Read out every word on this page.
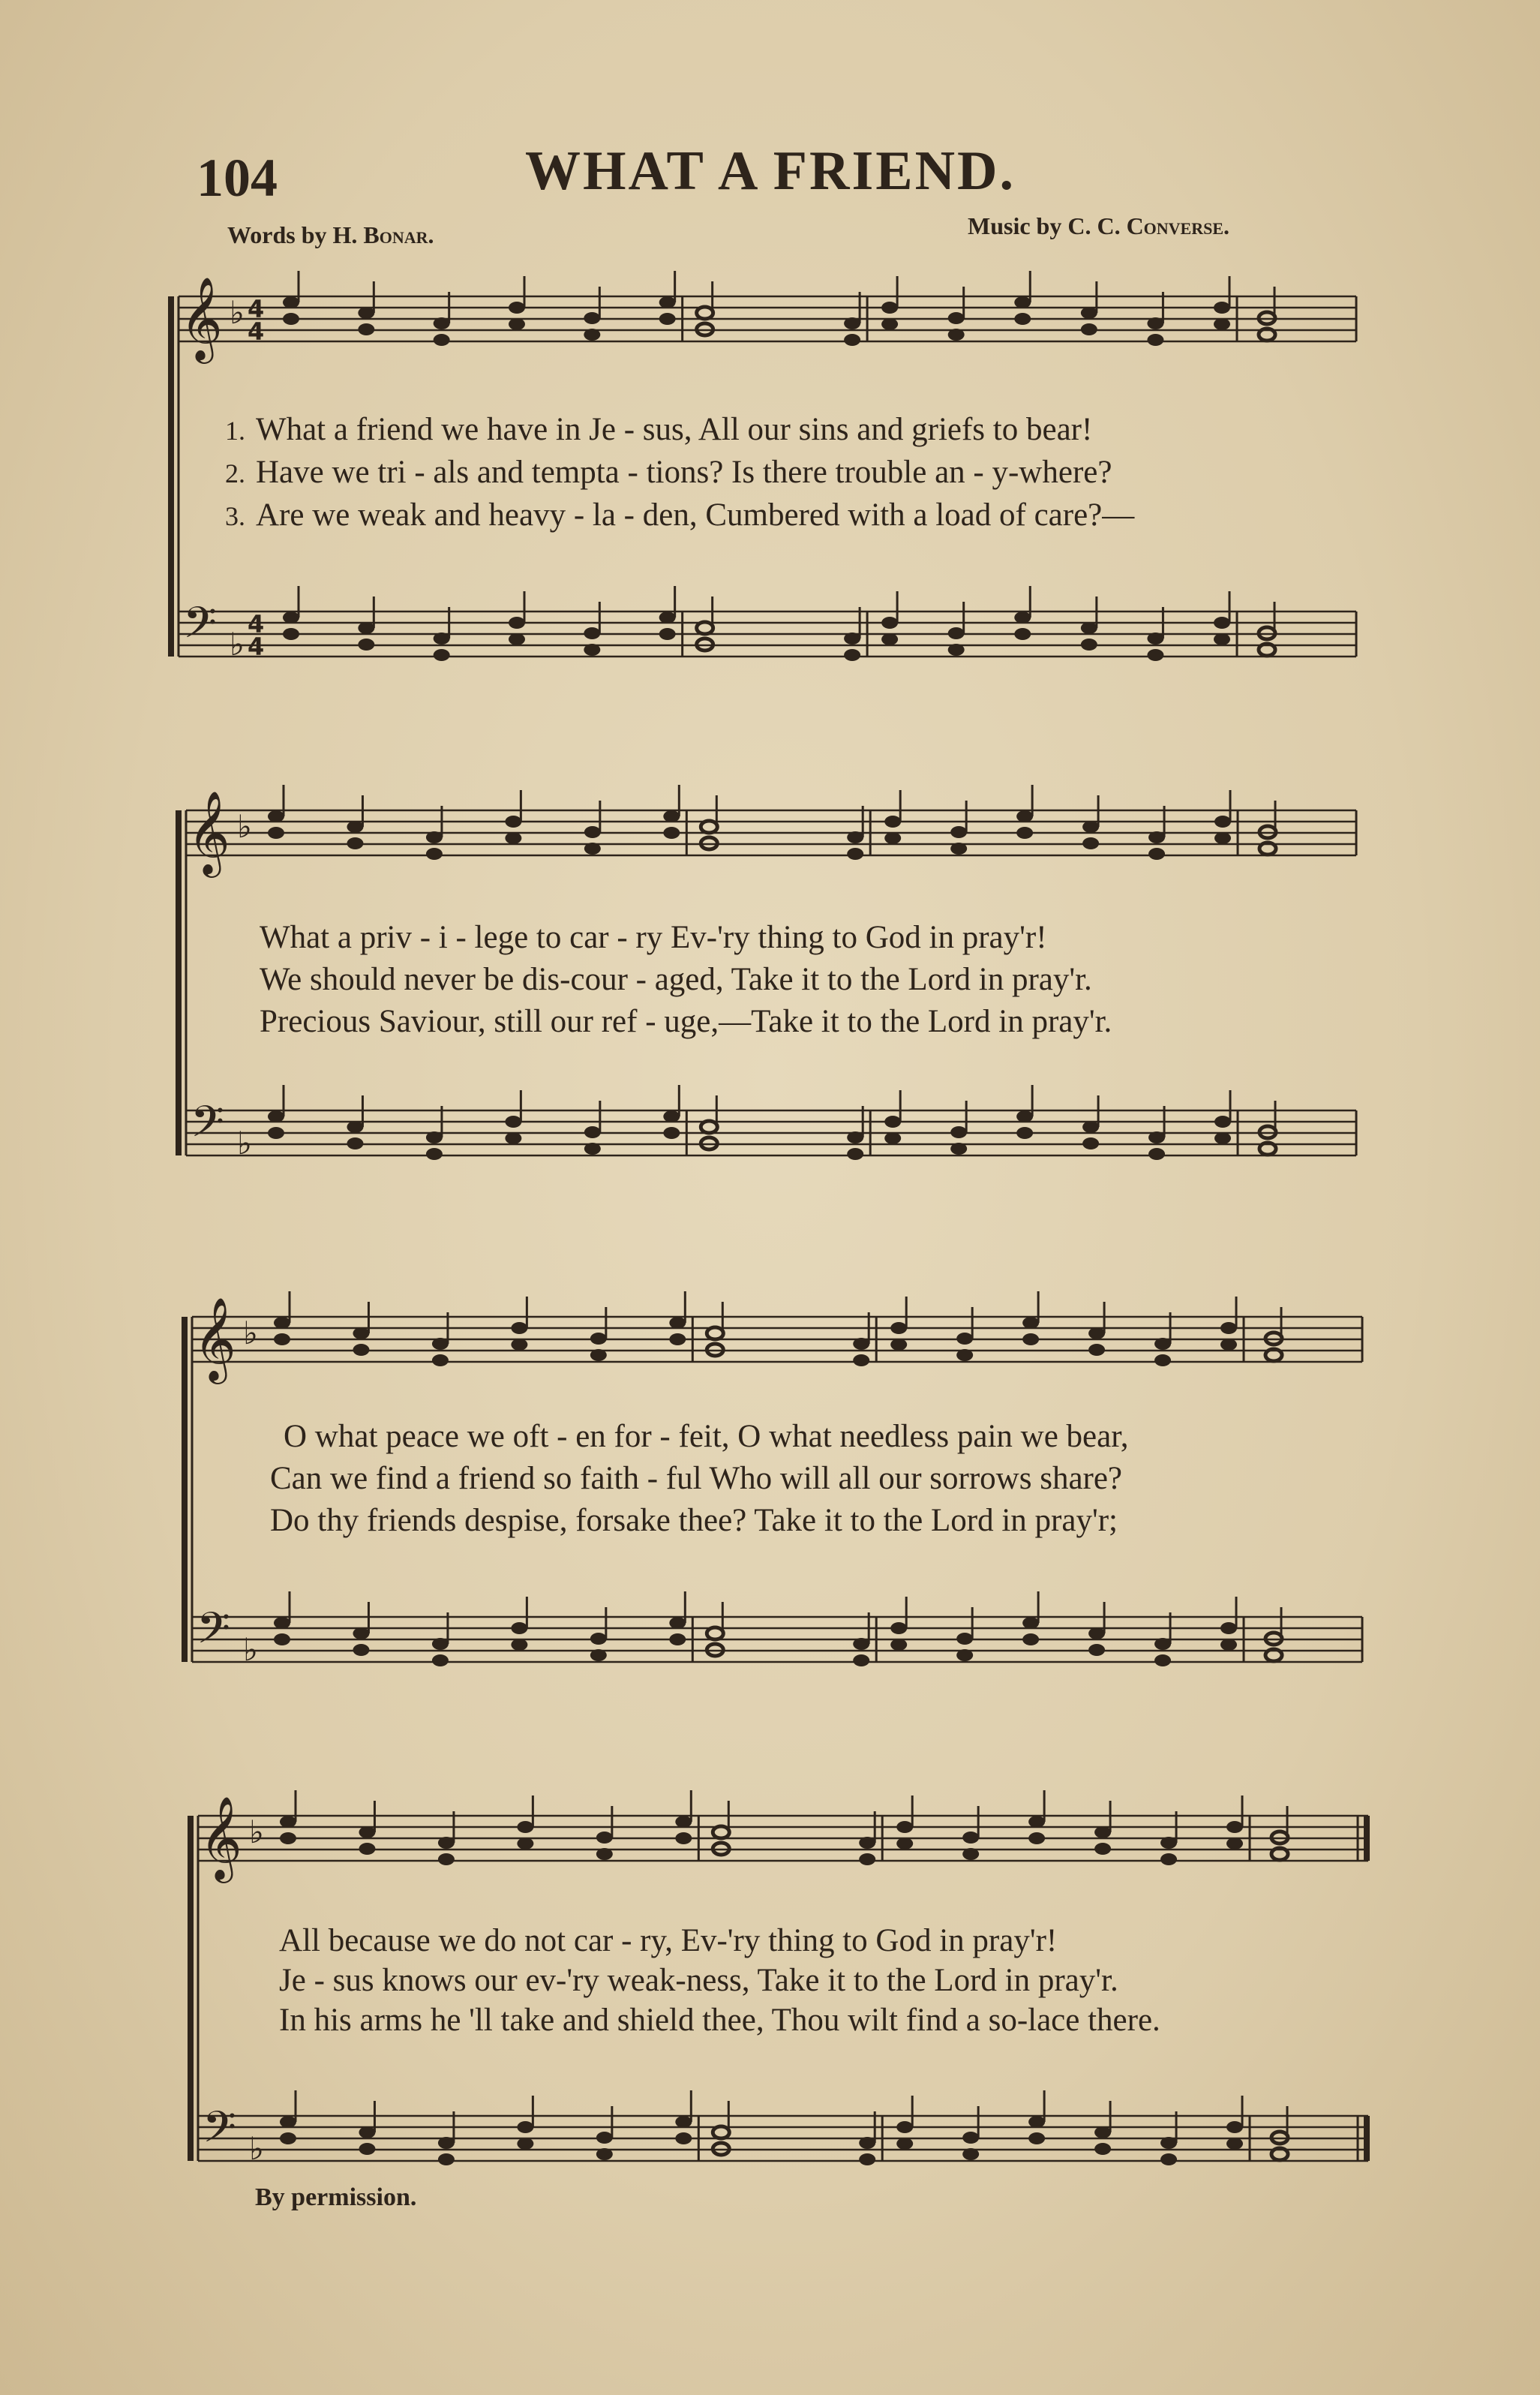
104	WHAT A FRIEND.
Words by H. Bonar.	Music by C. C. Converse.
𝄞 ♭ 4
4
𝄢 ♭
4
4
1. What a friend we have in Je - sus, All our sins and griefs to bear!
2. Have we tri - als and tempta - tions? Is there trouble an - y-where?
3. Are we weak and heavy - la - den, Cumbered with a load of care?—
𝄞 ♭
𝄢 ♭
What a priv - i - lege to car - ry Ev-'ry thing to God in pray'r!
We should never be dis-cour - aged, Take it to the Lord in pray'r.
Precious Saviour, still our ref - uge,—Take it to the Lord in pray'r.
𝄞 ♭
𝄢 ♭
O what peace we oft - en for - feit, O what needless pain we bear,
Can we find a friend so faith - ful Who will all our sorrows share?
Do thy friends despise, forsake thee? Take it to the Lord in pray'r;
𝄞 ♭
𝄢 ♭
All because we do not car - ry, Ev-'ry thing to God in pray'r!
Je - sus knows our ev-'ry weak-ness, Take it to the Lord in pray'r.
In his arms he 'll take and shield thee, Thou wilt find a so-lace there.
By permission.
